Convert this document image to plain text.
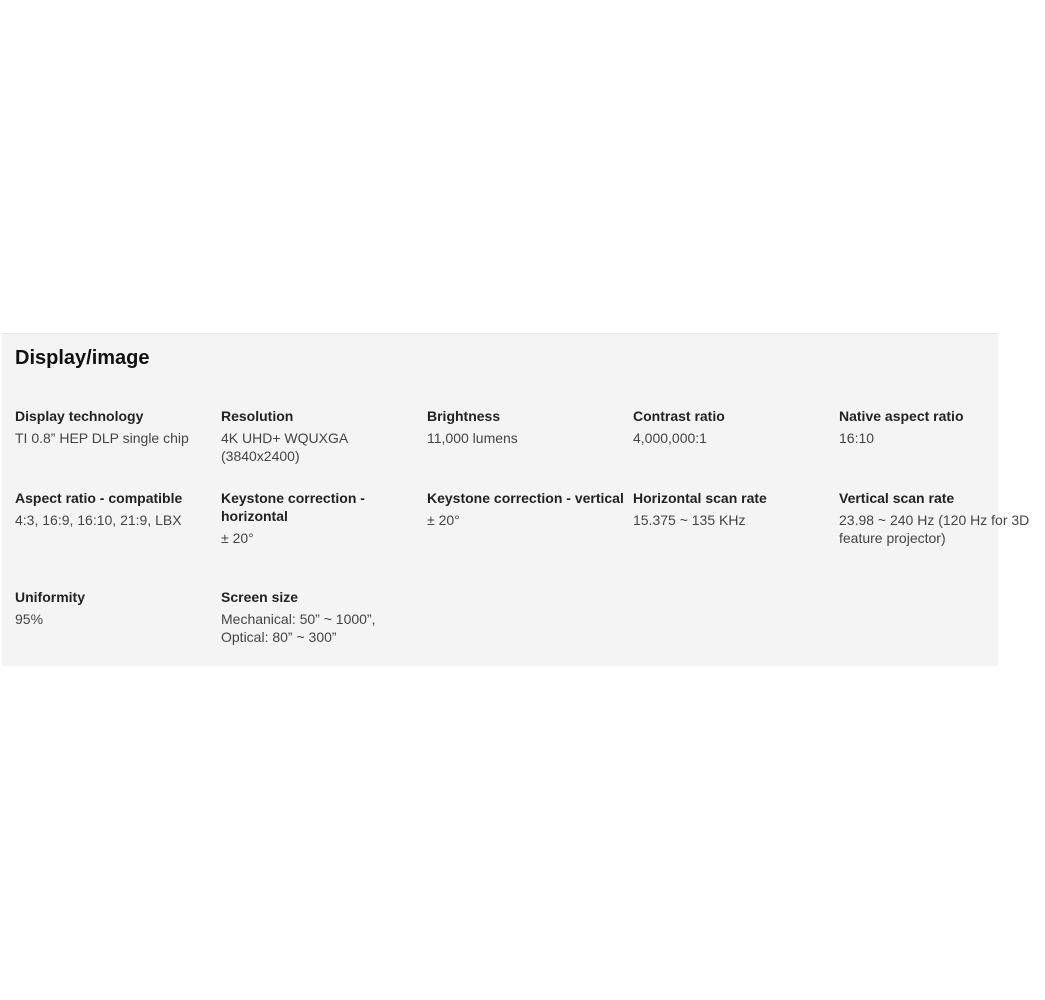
Display/image
Display technology
TI 0.8” HEP DLP single chip
Resolution
4K UHD+ WQUXGA (3840x2400)
Brightness
11,000 lumens
Contrast ratio
4,000,000:1
Native aspect ratio
16:10
Aspect ratio - compatible
4:3, 16:9, 16:10, 21:9, LBX
Keystone correction - horizontal
± 20°
Keystone correction - vertical
± 20°
Horizontal scan rate
15.375 ~ 135 KHz
Vertical scan rate
23.98 ~ 240 Hz (120 Hz for 3D feature projector)
Uniformity
95%
Screen size
Mechanical: 50” ~ 1000”, Optical: 80” ~ 300”
